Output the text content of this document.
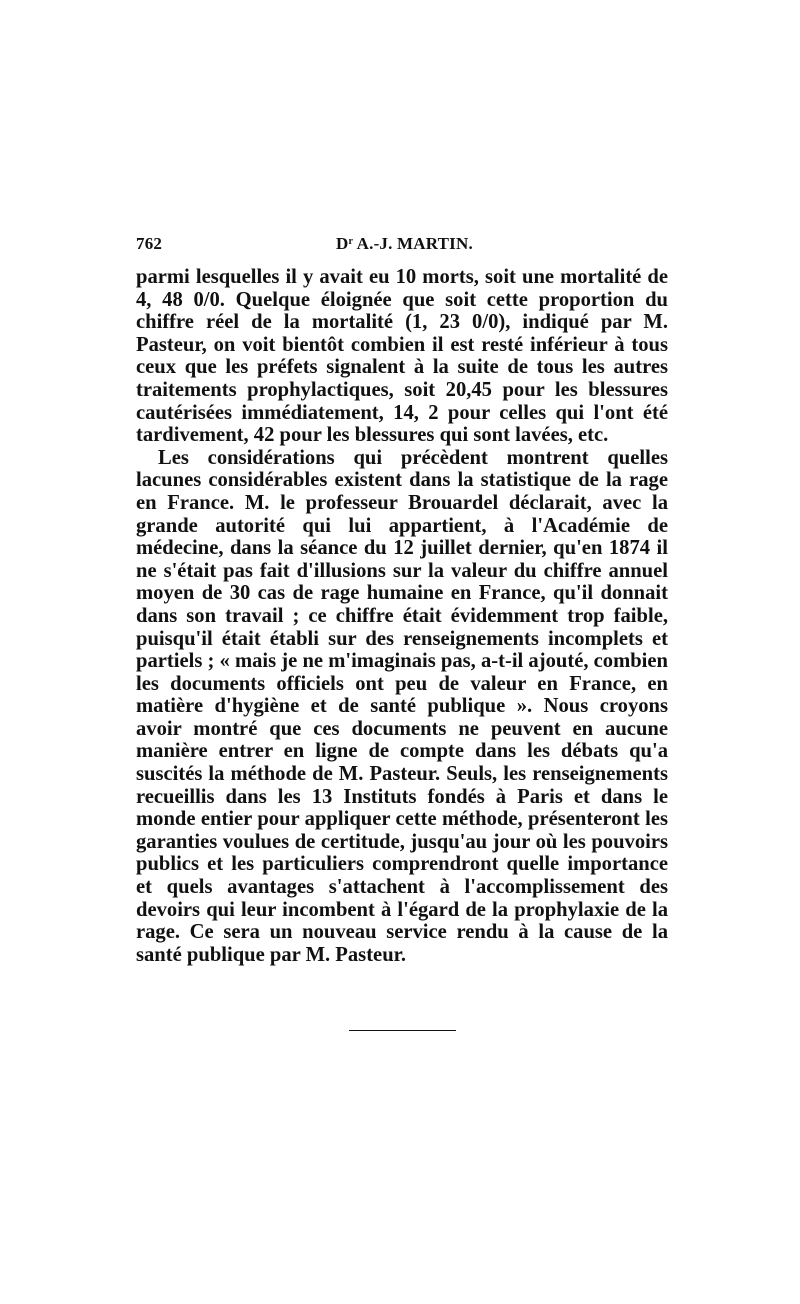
762	$D^r$ A.-J. MARTIN.

parmi lesquelles il y avait eu 10 morts, soit une mortalité de 4, 48 0/0. Quelque éloignée que soit cette proportion du chiffre réel de la mortalité (1, 23 0/0), indiqué par M. Pasteur, on voit bientôt combien il est resté inférieur à tous ceux que les préfets signalent à la suite de tous les autres traitements prophylactiques, soit 20,45 pour les blessures cautérisées immédiatement, 14, 2 pour celles qui l'ont été tardivement, 42 pour les blessures qui sont lavées, etc.

Les considérations qui précèdent montrent quelles lacunes considérables existent dans la statistique de la rage en France. M. le professeur Brouardel déclarait, avec la grande autorité qui lui appartient, à l'Académie de médecine, dans la séance du 12 juillet dernier, qu'en 1874 il ne s'était pas fait d'illusions sur la valeur du chiffre annuel moyen de 30 cas de rage humaine en France, qu'il donnait dans son travail ; ce chiffre était évidemment trop faible, puisqu'il était établi sur des renseignements incomplets et partiels ; « mais je ne m'imaginais pas, a-t-il ajouté, combien les documents officiels ont peu de valeur en France, en matière d'hygiène et de santé publique ». Nous croyons avoir montré que ces documents ne peuvent en aucune manière entrer en ligne de compte dans les débats qu'a suscités la méthode de M. Pasteur. Seuls, les renseignements recueillis dans les 13 Instituts fondés à Paris et dans le monde entier pour appliquer cette méthode, présenteront les garanties voulues de certitude, jusqu'au jour où les pouvoirs publics et les particuliers comprendront quelle importance et quels avantages s'attachent à l'accomplissement des devoirs qui leur incombent à l'égard de la prophylaxie de la rage. Ce sera un nouveau service rendu à la cause de la santé publique par M. Pasteur.
